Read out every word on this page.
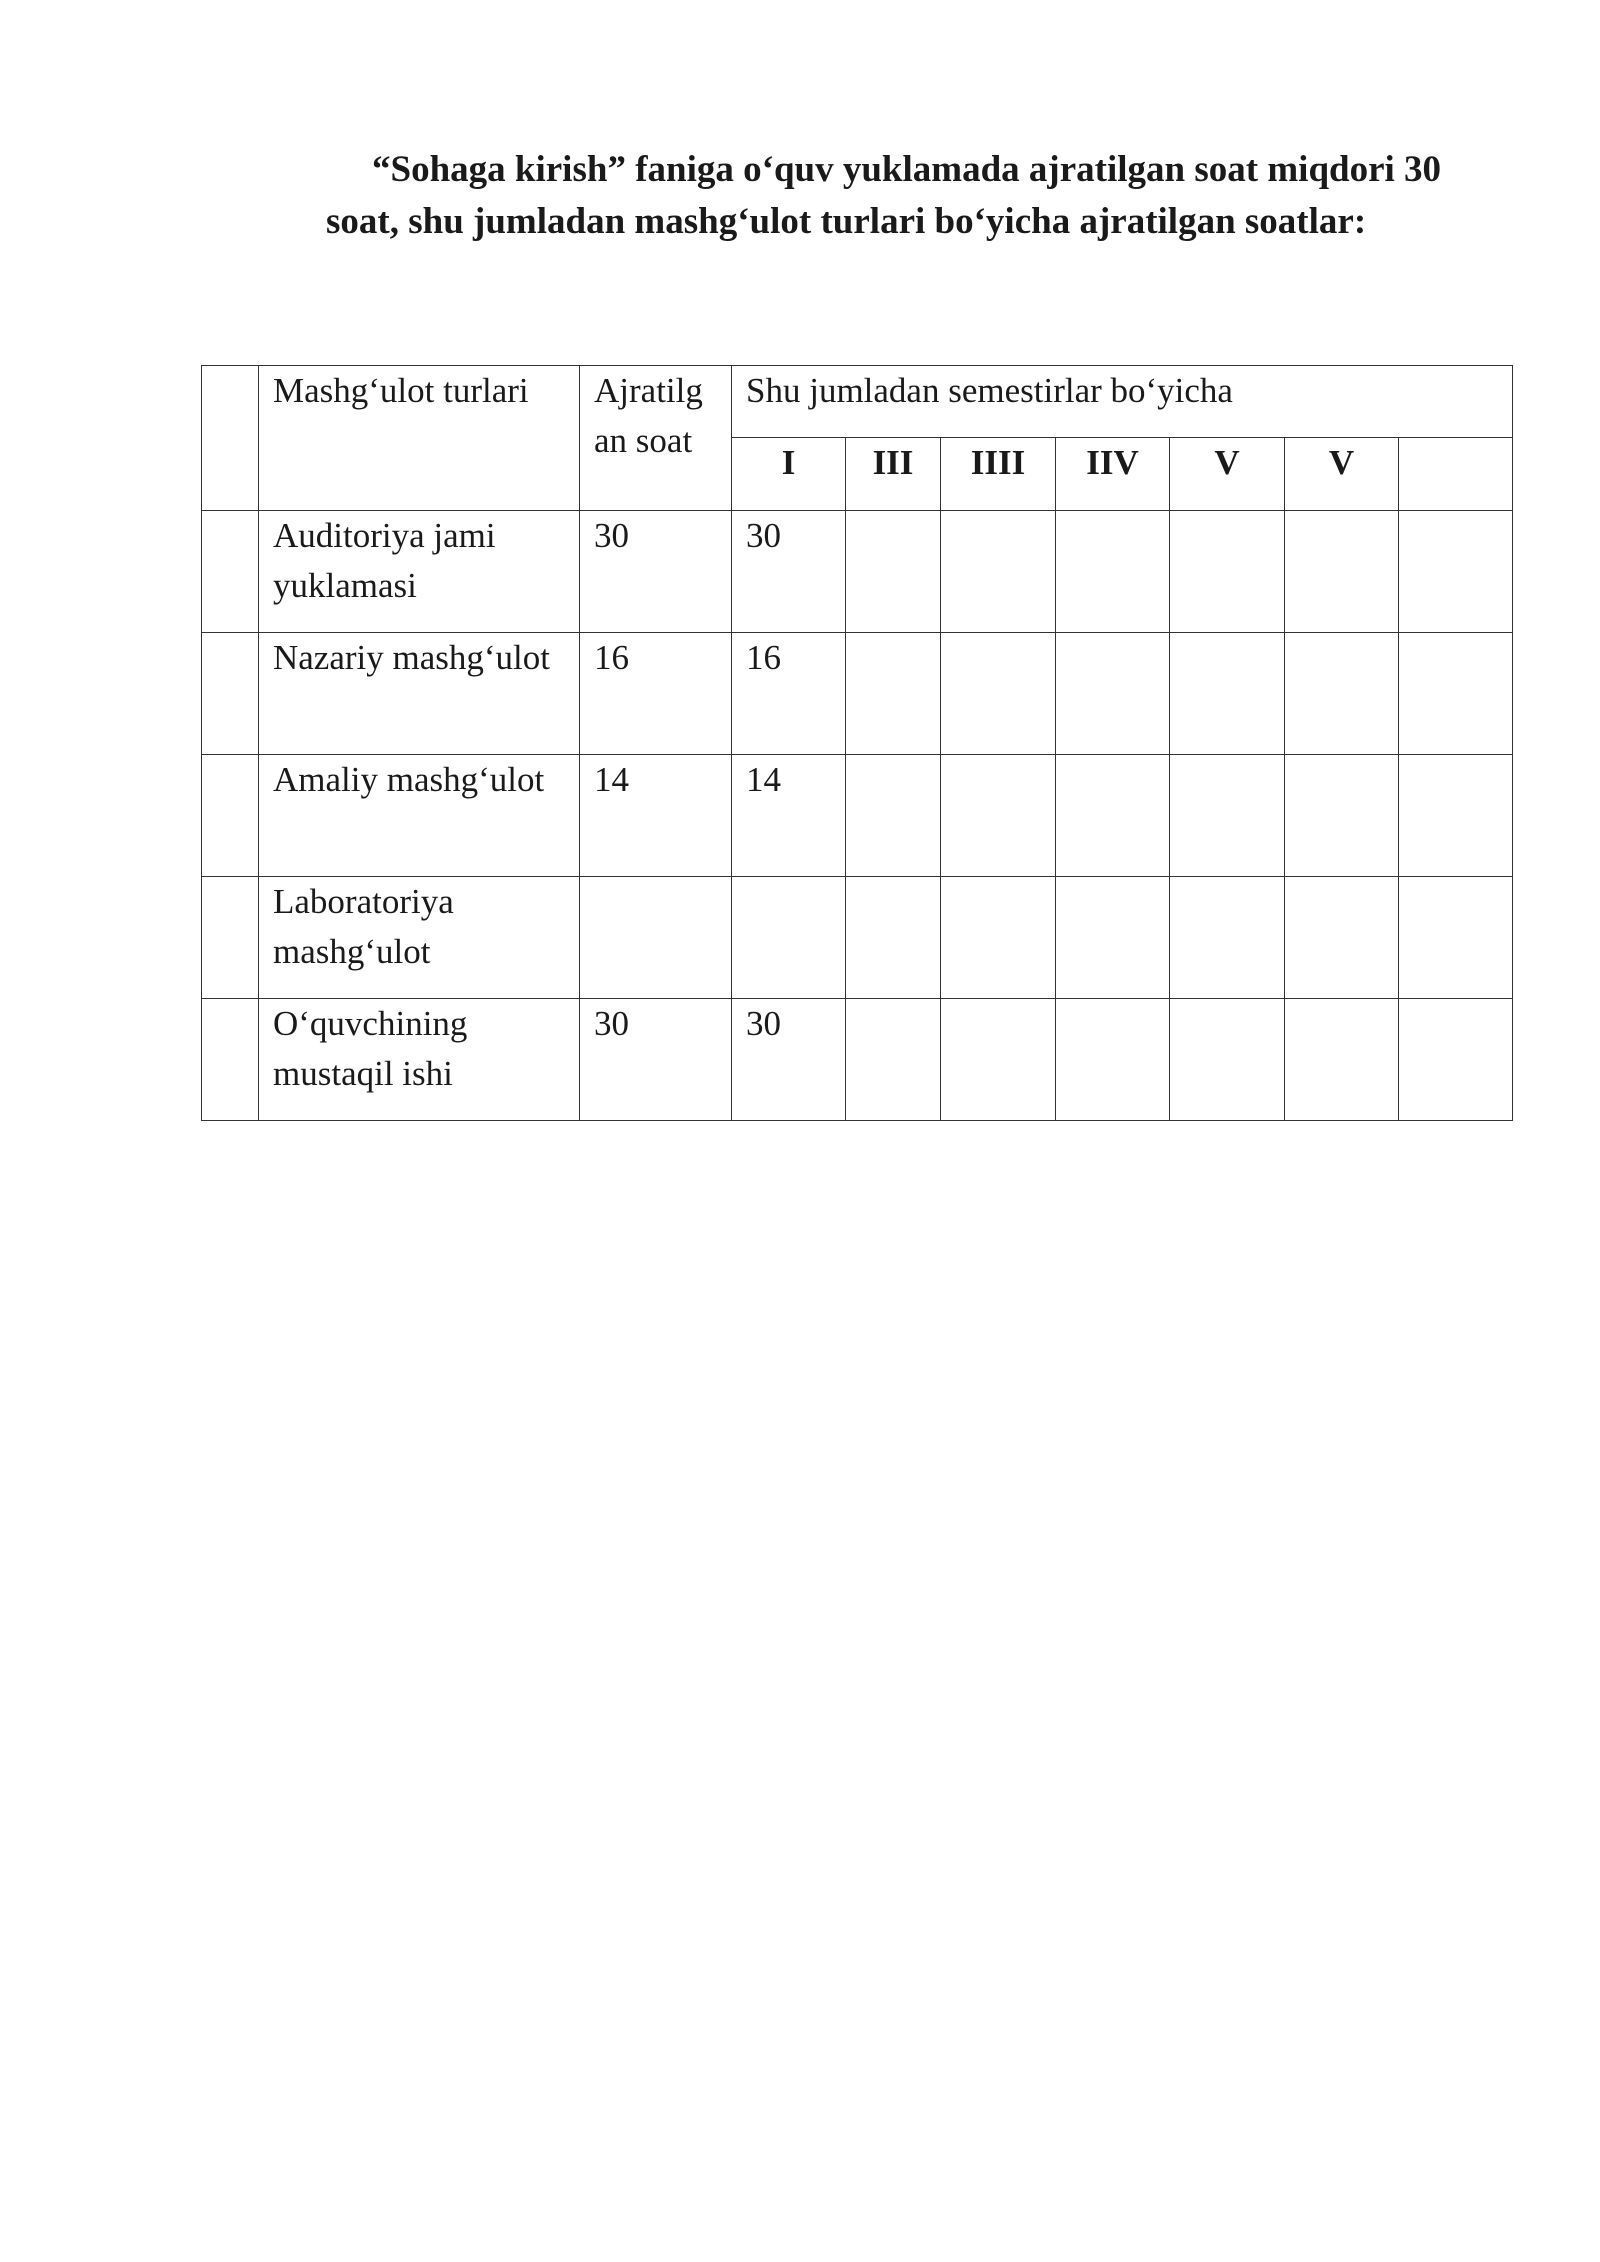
“Sohaga kirish” faniga o‘quv yuklamada ajratilgan soat miqdori 30
soat, shu jumladan mashg‘ulot turlari bo‘yicha ajratilgan soatlar:
	Mashg‘ulot turlari	Ajratilg an soat	Shu jumladan semestirlar bo‘yicha						
			I	III	IIII	IIV	V	V	
	Auditoriya jami yuklamasi	30	30						
	Nazariy mashg‘ulot	16	16						
	Amaliy mashg‘ulot	14	14						
	Laboratoriya mashg‘ulot								
	O‘quvchining mustaqil ishi	30	30						
